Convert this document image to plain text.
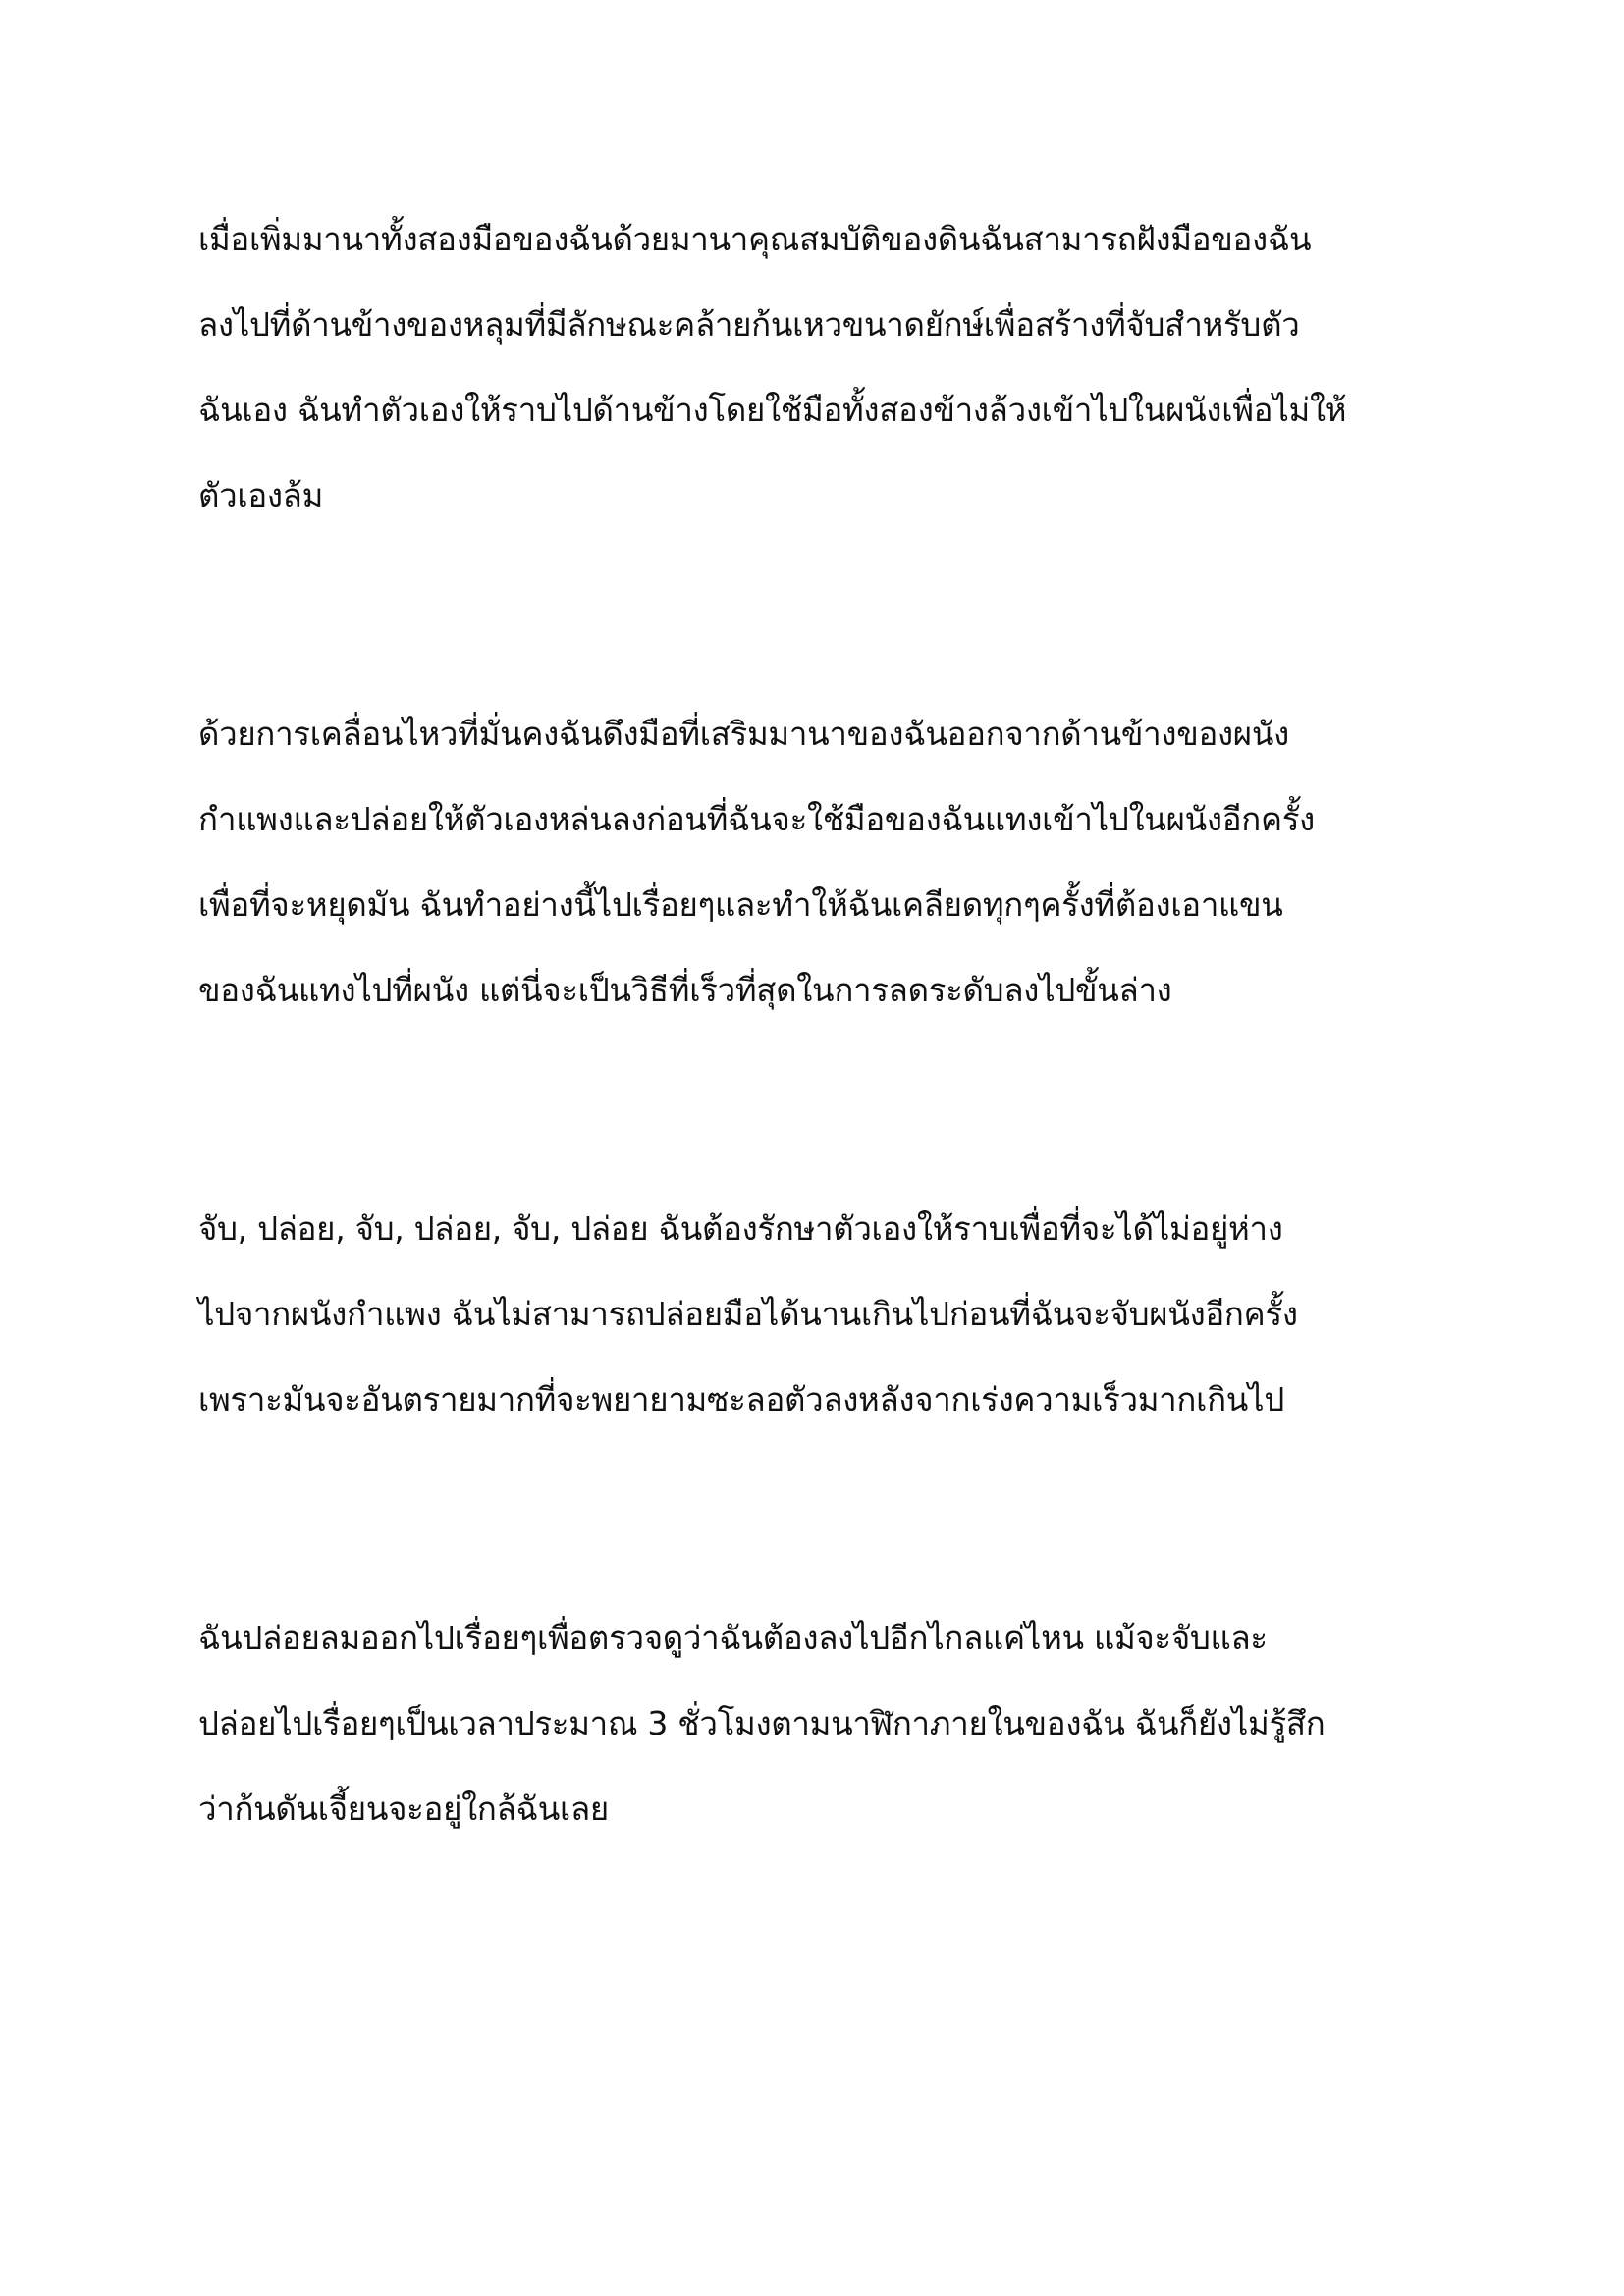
เมื่อเพิ่มมานาทั้งสองมือของฉันด้วยมานาคุณสมบัติของดินฉันสามารถฝังมือของฉัน
ลงไปที่ด้านข้างของหลุมที่มีลักษณะคล้ายก้นเหวขนาดยักษ์เพื่อสร้างที่จับสำหรับตัว
ฉันเอง ฉันทำตัวเองให้ราบไปด้านข้างโดยใช้มือทั้งสองข้างล้วงเข้าไปในผนังเพื่อไม่ให้
ตัวเองล้ม
ด้วยการเคลื่อนไหวที่มั่นคงฉันดึงมือที่เสริมมานาของฉันออกจากด้านข้างของผนัง
กำแพงและปล่อยให้ตัวเองหล่นลงก่อนที่ฉันจะใช้มือของฉันแทงเข้าไปในผนังอีกครั้ง
เพื่อที่จะหยุดมัน ฉันทำอย่างนี้ไปเรื่อยๆและทำให้ฉันเคลียดทุกๆครั้งที่ต้องเอาแขน
ของฉันแทงไปที่ผนัง แต่นี่จะเป็นวิธีที่เร็วที่สุดในการลดระดับลงไปขั้นล่าง
จับ, ปล่อย, จับ, ปล่อย, จับ, ปล่อย ฉันต้องรักษาตัวเองให้ราบเพื่อที่จะได้ไม่อยู่ห่าง
ไปจากผนังกำแพง ฉันไม่สามารถปล่อยมือได้นานเกินไปก่อนที่ฉันจะจับผนังอีกครั้ง
เพราะมันจะอันตรายมากที่จะพยายามซะลอตัวลงหลังจากเร่งความเร็วมากเกินไป
ฉันปล่อยลมออกไปเรื่อยๆเพื่อตรวจดูว่าฉันต้องลงไปอีกไกลแค่ไหน แม้จะจับและ
ปล่อยไปเรื่อยๆเป็นเวลาประมาณ 3 ชั่วโมงตามนาฬิกาภายในของฉัน ฉันก็ยังไม่รู้สึก
ว่าก้นดันเจี้ยนจะอยู่ใกล้ฉันเลย
